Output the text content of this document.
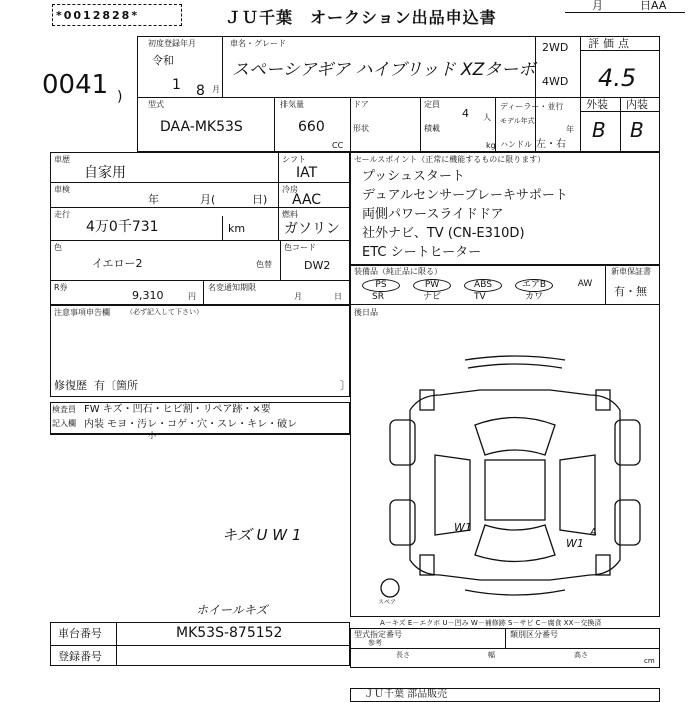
*0012828*	ＪＵ千葉　オークション出品申込書
月	日AA
0041 )
初度登録年月
令和
1 8 月
車名・グレード
スペーシアギア ハイブリッド XZターボ
2WD
4WD
評価点
4.5
型式
DAA-MK53S
排気量
660
CC
ドア
形状
定員
4 人
積載
kg
ディーラー・並行
モデル年式
年
ハンドル 左・右
外装 内装
B B
車歴
自家用
車検
年	月(	日)
走行
4万0千731	km
シフト
IAT
冷房
AAC
燃料
ガソリン
色
イエロー2	色替
色コード
DW2
R券
9,310	円
名変通知期限
月	日
セールスポイント（正常に機能するものに限ります）
プッシュスタート
デュアルセンサーブレーキサポート
両側パワースライドドア
社外ナビ、TV (CN-E310D)
ETC シートヒーター
装備品（純正品に限る）	新車保証書
有・無
PS
SR
PW
ナビ
ABS
TV
エアB
カワ
AW
注意事項申告欄 （必ず記入して下さい）
修復歴 有〔箇所	〕
後日品
検査員
記入欄
FW キズ・凹石・ヒビ割・リペア跡・×要
内装 モヨ・汚レ・コゲ・穴・スレ・キレ・破レ
小
キズ U W 1
ホイールキズ
W1
W1
A
スペア
A－キズ E－エクボ U－凹み W－補修跡 S－サビ C－腐食 XX－交換済
車台番号	MK53S-875152
登録番号
型式指定番号	類別区分番号
参考
長さ	幅	高さ
cm
ＪＵ千葉 部品販売
